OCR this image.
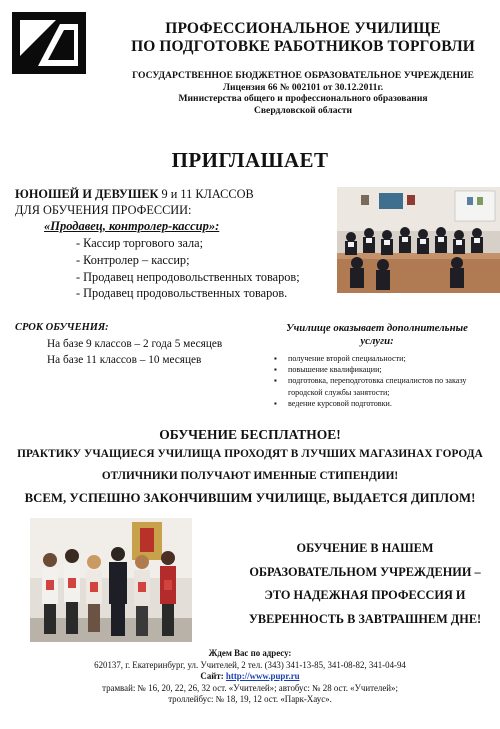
ПРОФЕССИОНАЛЬНОЕ УЧИЛИЩЕ
ПО ПОДГОТОВКЕ РАБОТНИКОВ ТОРГОВЛИ
ГОСУДАРСТВЕННОЕ БЮДЖЕТНОЕ ОБРАЗОВАТЕЛЬНОЕ УЧРЕЖДЕНИЕ
Лицензия 66 № 002101 от 30.12.2011г.
Министерства общего и профессионального образования
Свердловской области
ПРИГЛАШАЕТ
ЮНОШЕЙ И ДЕВУШЕК 9 и 11 КЛАССОВ
ДЛЯ ОБУЧЕНИЯ ПРОФЕССИИ:
«Продавец, контролер-кассир»:
- Кассир торгового зала;
- Контролер – кассир;
- Продавец непродовольственных товаров;
- Продавец продовольственных товаров.
СРОК ОБУЧЕНИЯ:
На базе 9 классов – 2 года 5 месяцев
На базе 11 классов – 10 месяцев
Училище оказывает дополнительные
услуги:
▪ получение второй специальности;
▪ повышение квалификации;
▪ подготовка, переподготовка специалистов по заказу городской службы занятости;
▪ ведение курсовой подготовки.
ОБУЧЕНИЕ БЕСПЛАТНОЕ!
ПРАКТИКУ УЧАЩИЕСЯ УЧИЛИЩА ПРОХОДЯТ В ЛУЧШИХ МАГАЗИНАХ ГОРОДА
ОТЛИЧНИКИ ПОЛУЧАЮТ ИМЕННЫЕ СТИПЕНДИИ!
ВСЕМ, УСПЕШНО ЗАКОНЧИВШИМ УЧИЛИЩЕ, ВЫДАЕТСЯ ДИПЛОМ!
ОБУЧЕНИЕ В НАШЕМ
ОБРАЗОВАТЕЛЬНОМ УЧРЕЖДЕНИИ –
ЭТО НАДЕЖНАЯ ПРОФЕССИЯ И
УВЕРЕННОСТЬ В ЗАВТРАШНЕМ ДНЕ!
Ждем Вас по адресу:
620137, г. Екатеринбург, ул. Учителей, 2 тел. (343) 341-13-85, 341-08-82, 341-04-94
Сайт: http://www.pupr.ru
трамвай: № 16, 20, 22, 26, 32 ост. «Учителей»; автобус: № 28 ост. «Учителей»;
троллейбус: № 18, 19, 12 ост. «Парк-Хаус».
